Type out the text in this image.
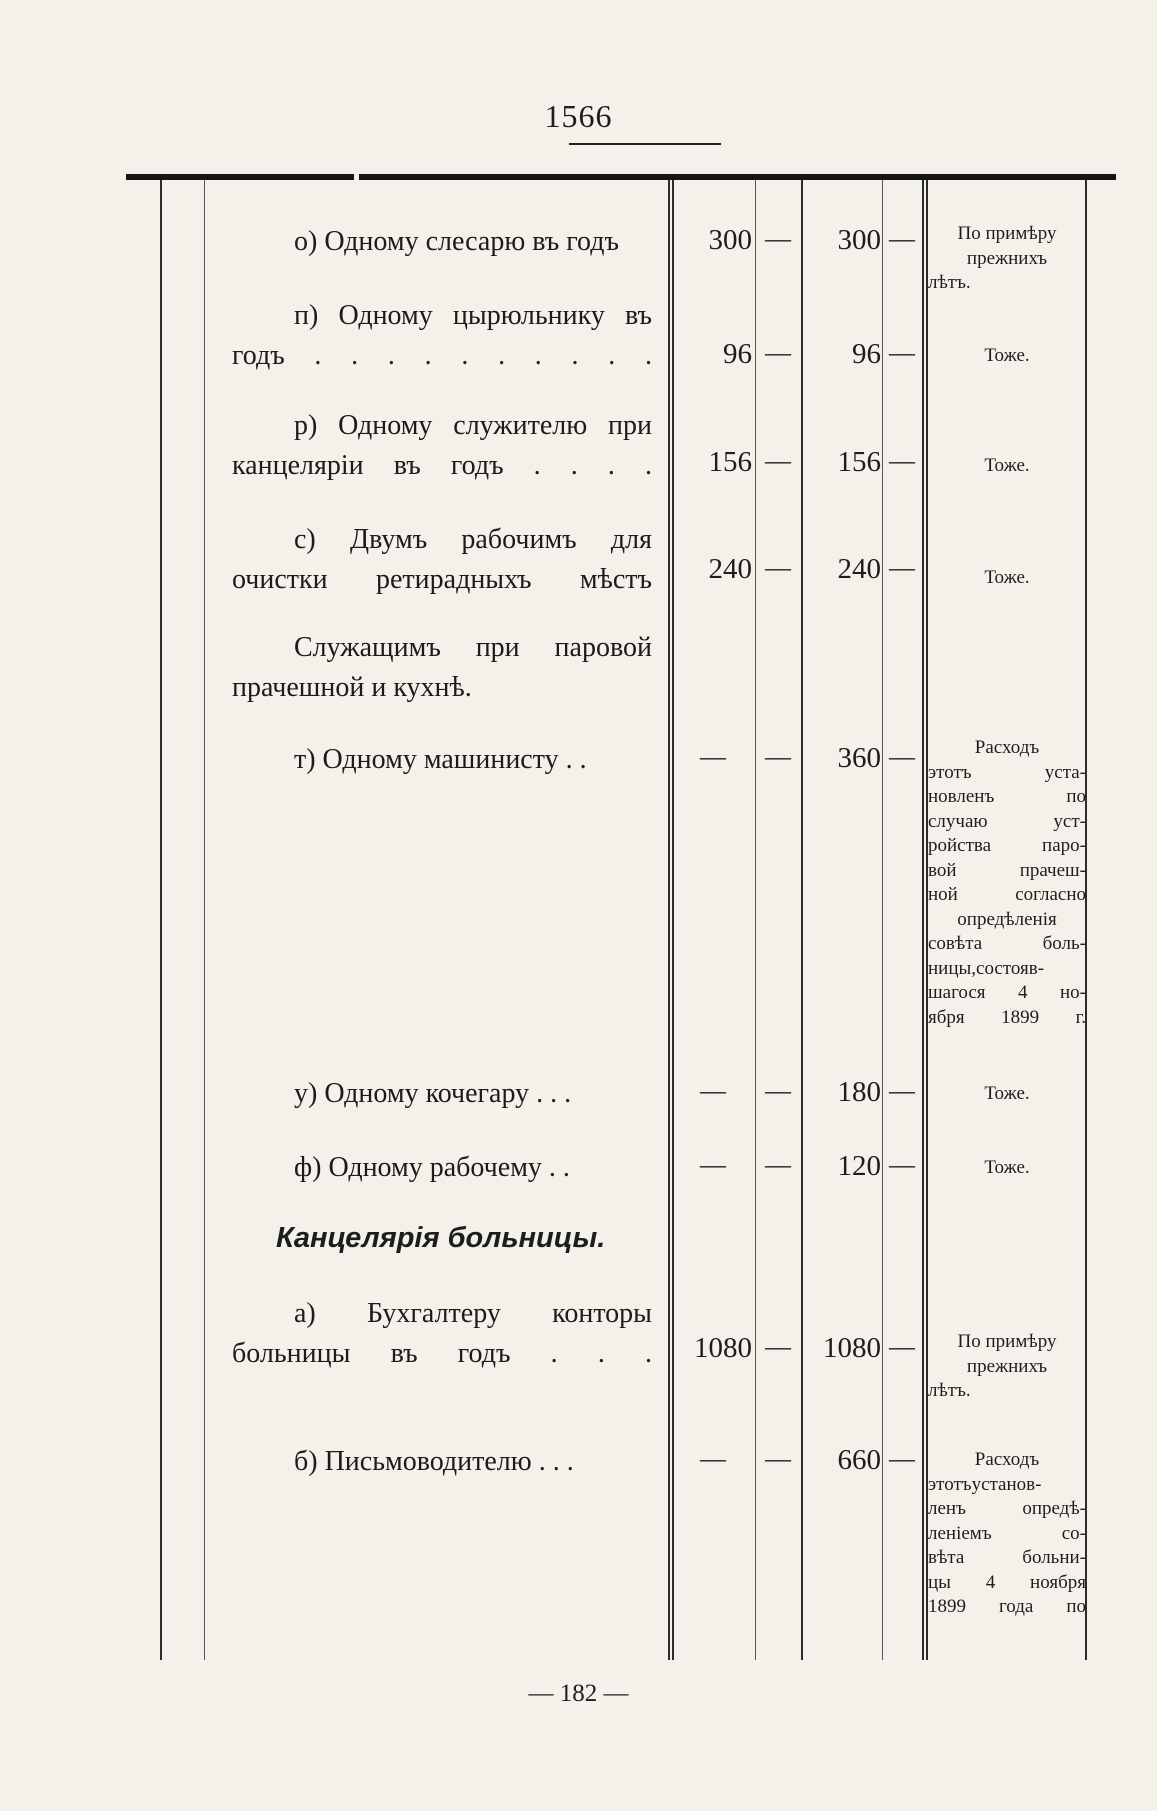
1566
о) Одному слесарю въ годъ	300 —	300 —	По примѣру
прежнихъ
лѣтъ.
п) Одному цырюльнику въ
годъ . . . . . . . . . .	96 —	96 —	Тоже.
р) Одному служителю при
канцеляріи въ годъ . . . .	156 —	156 —	Тоже.
с) Двумъ рабочимъ для
очистки ретирадныхъ мѣстъ	240 —	240 —	Тоже.
Служащимъ при паровой
прачешной и кухнѣ.
т) Одному машинисту . .	—	—	360 —	Расходъ
этотъ уста-
новленъ по
случаю уст-
ройства паро-
вой прачеш-
ной согласно
опредѣленія
совѣта боль-
ницы,состояв-
шагося 4 но-
ября 1899 г.
у) Одному кочегару . . .	—	—	180 —	Тоже.
ф) Одному рабочему . .	—	—	120 —	Тоже.
Канцелярія больницы.
а) Бухгалтеру конторы
больницы въ годъ . . .	1080 —	1080 —	По примѣру
прежнихъ
лѣтъ.
б) Письмоводителю . . .	—	—	660 —	Расходъ
этотъустанов-
ленъ опредѣ-
леніемъ со-
вѣта больни-
цы 4 ноября
1899 года по
— 182 —
